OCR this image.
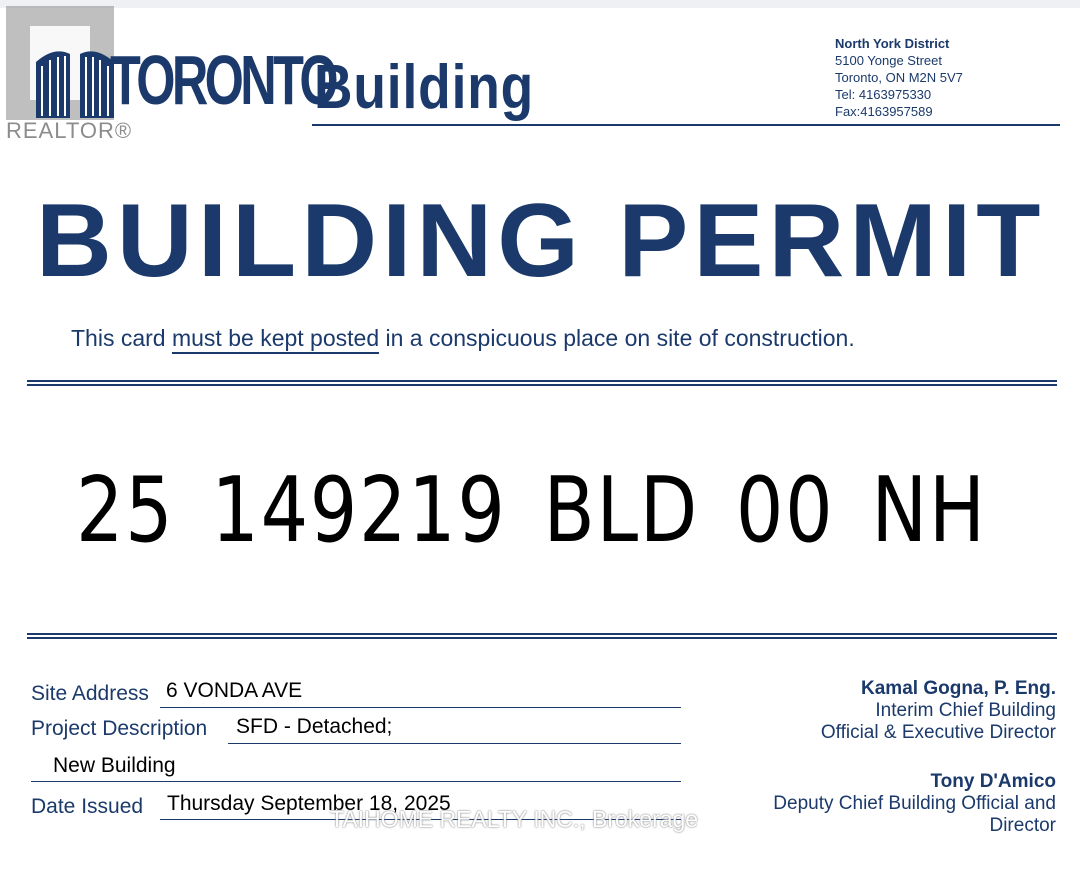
REALTOR®
TORONTO
Building
North York District
5100 Yonge Street
Toronto, ON M2N 5V7
Tel: 4163975330
Fax:4163957589
BUILDING PERMIT
This card must be kept posted in a conspicuous place on site of construction.
25 149219 BLD 00 NH
Site Address 6 VONDA AVE
Project Description SFD - Detached;
New Building
Date Issued Thursday September 18, 2025
Kamal Gogna, P. Eng.
Interim Chief Building
Official & Executive Director
Tony D'Amico
Deputy Chief Building Official and
Director
TAIHOME REALTY INC., Brokerage
